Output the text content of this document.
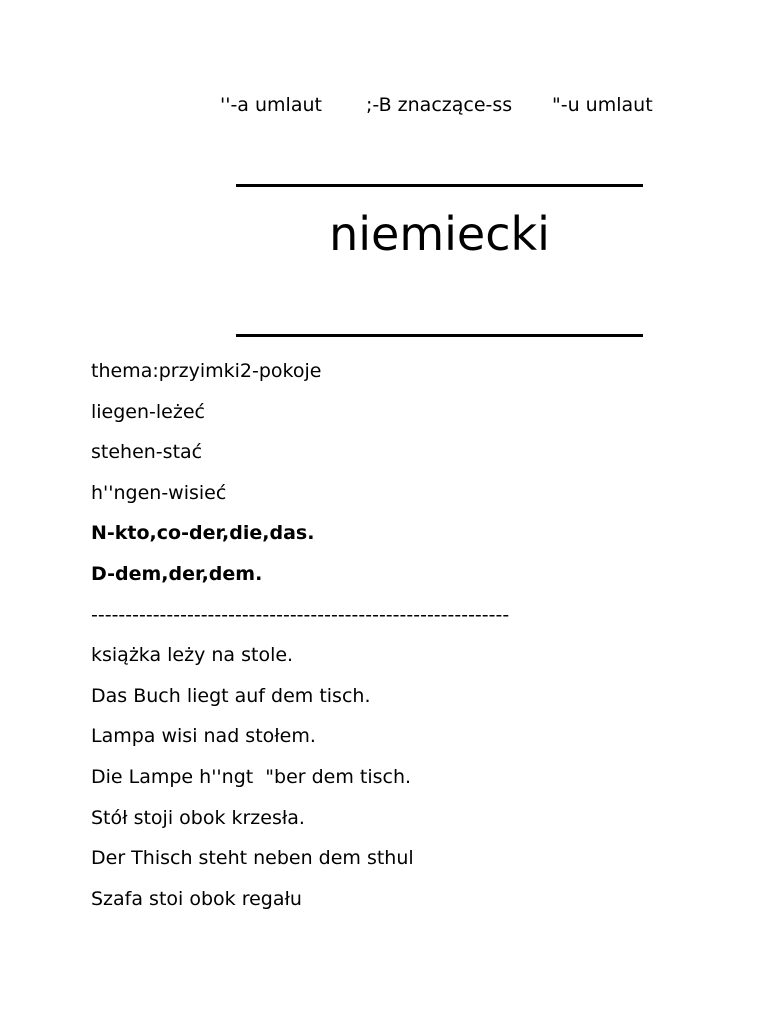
''-a umlaut ;-B znaczące-ss "-u umlaut
niemiecki
thema:przyimki2-pokoje
liegen-leżeć
stehen-stać
h''ngen-wisieć
N-kto,co-der,die,das.
D-dem,der,dem.
-------------------------------------------------------------
książka leży na stole.
Das Buch liegt auf dem tisch.
Lampa wisi nad stołem.
Die Lampe h''ngt  "ber dem tisch.
Stół stoji obok krzesła.
Der Thisch steht neben dem sthul
Szafa stoi obok regału
